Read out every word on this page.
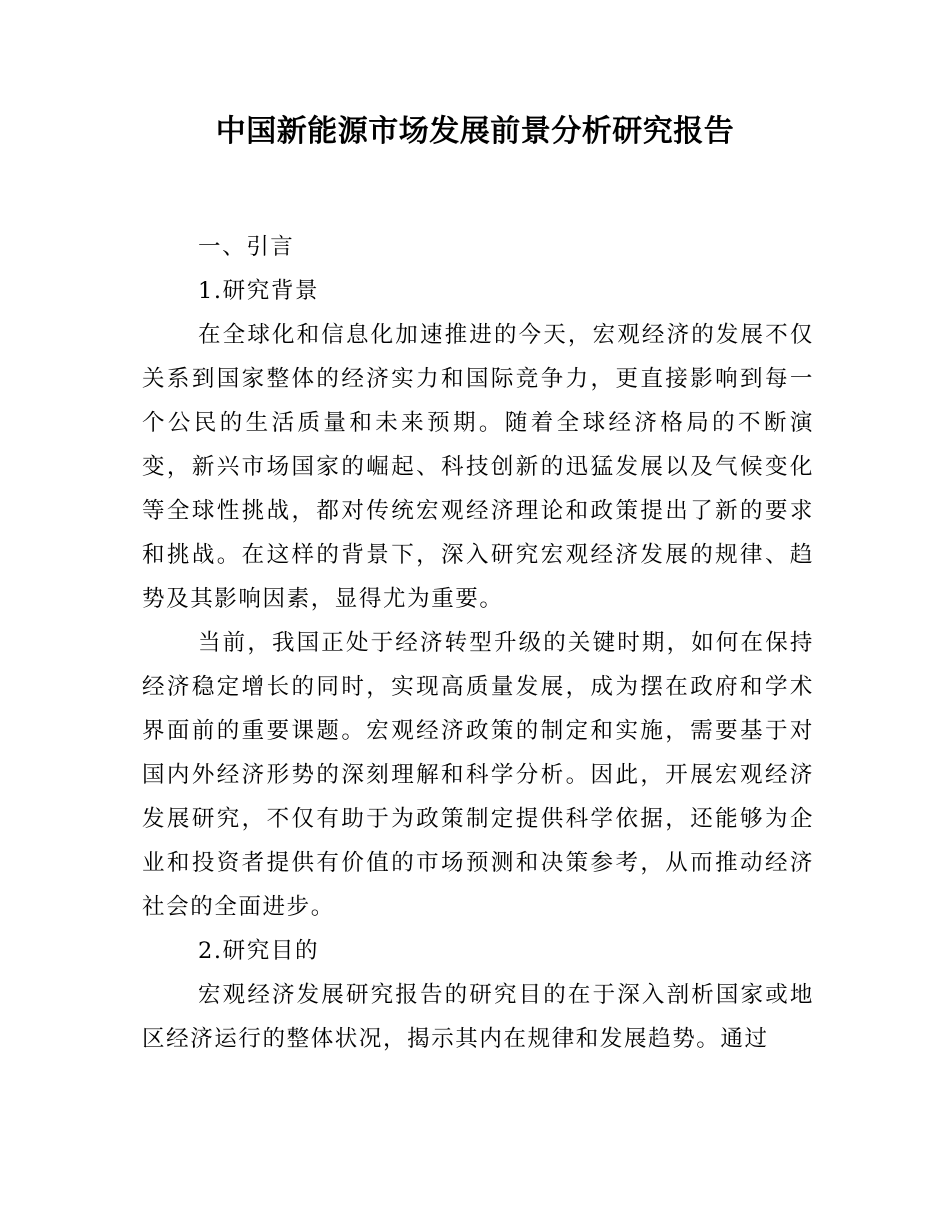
中国新能源市场发展前景分析研究报告

一、引言

1.研究背景

在全球化和信息化加速推进的今天，宏观经济的发展不仅关系到国家整体的经济实力和国际竞争力，更直接影响到每一个公民的生活质量和未来预期。随着全球经济格局的不断演变，新兴市场国家的崛起、科技创新的迅猛发展以及气候变化等全球性挑战，都对传统宏观经济理论和政策提出了新的要求和挑战。在这样的背景下，深入研究宏观经济发展的规律、趋势及其影响因素，显得尤为重要。

当前，我国正处于经济转型升级的关键时期，如何在保持经济稳定增长的同时，实现高质量发展，成为摆在政府和学术界面前的重要课题。宏观经济政策的制定和实施，需要基于对国内外经济形势的深刻理解和科学分析。因此，开展宏观经济发展研究，不仅有助于为政策制定提供科学依据，还能够为企业和投资者提供有价值的市场预测和决策参考，从而推动经济社会的全面进步。

2.研究目的

宏观经济发展研究报告的研究目的在于深入剖析国家或地区经济运行的整体状况，揭示其内在规律和发展趋势。通过
